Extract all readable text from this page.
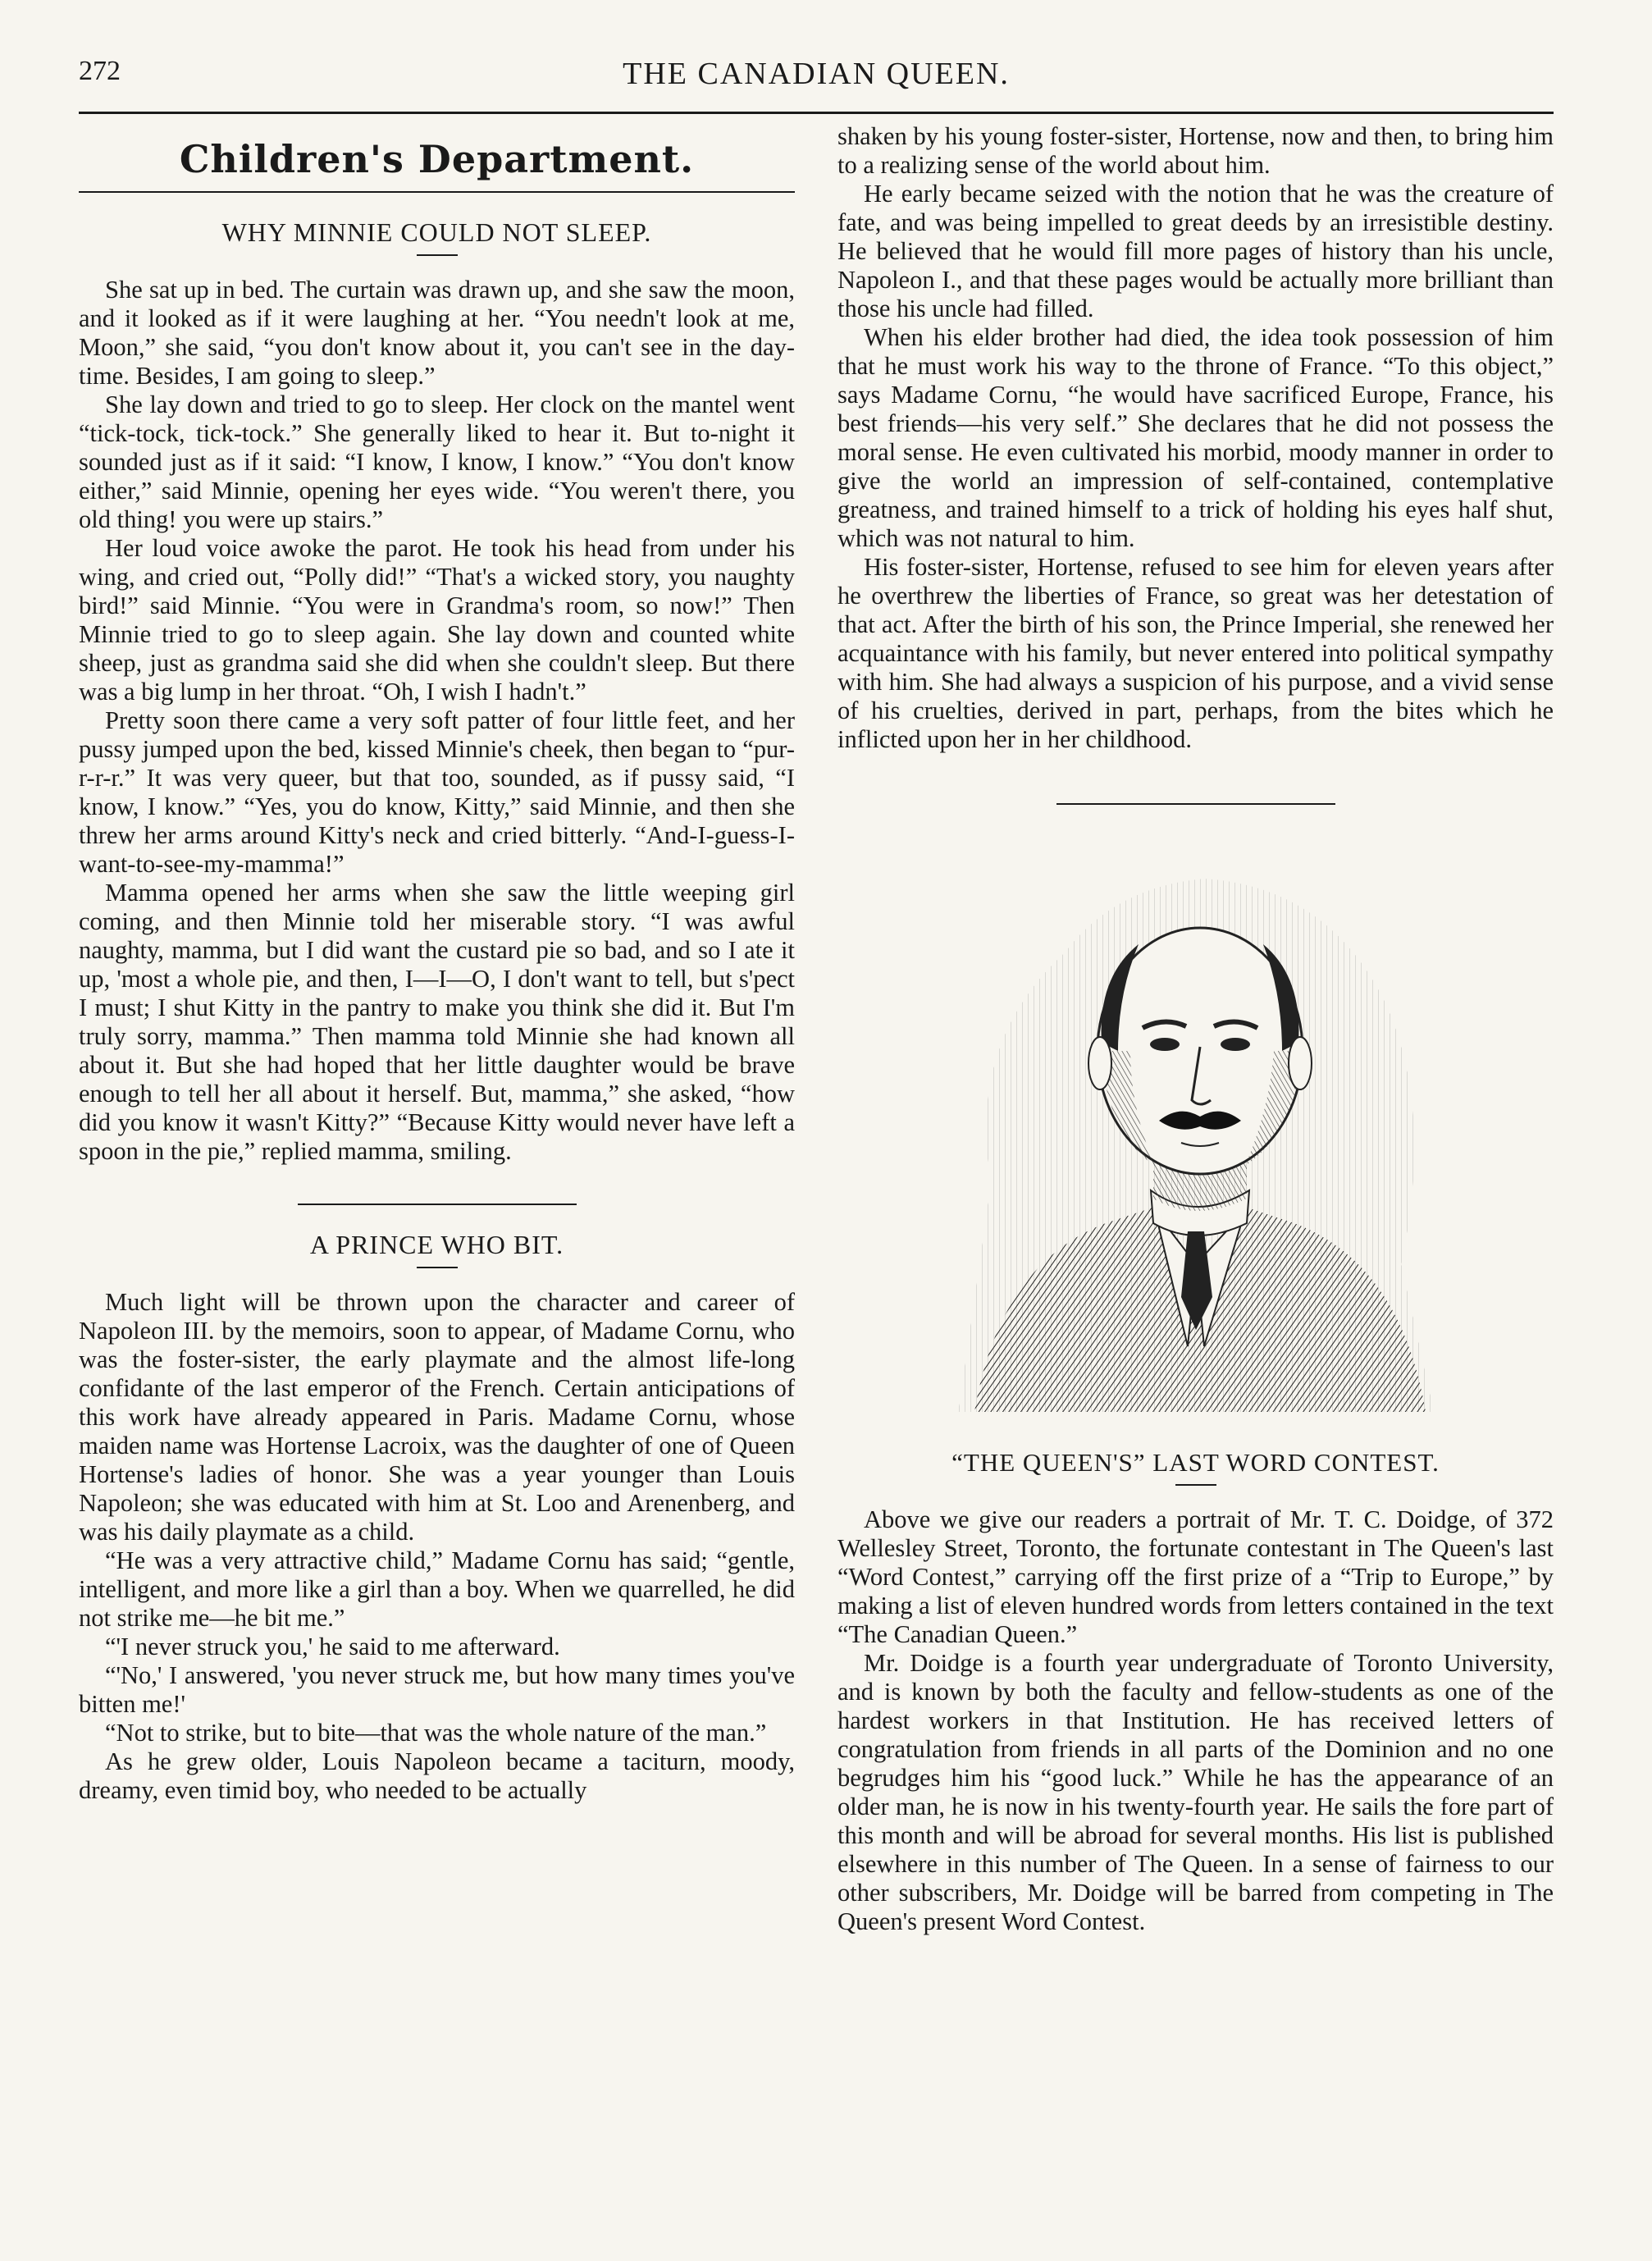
272	THE CANADIAN QUEEN.
Children's Department.
WHY MINNIE COULD NOT SLEEP.

She sat up in bed. The curtain was drawn up, and she saw the moon, and it looked as if it were laughing at her. “You needn't look at me, Moon,” she said, “you don't know about it, you can't see in the day-time. Besides, I am going to sleep.”

She lay down and tried to go to sleep. Her clock on the mantel went “tick-tock, tick-tock.” She generally liked to hear it. But to-night it sounded just as if it said: “I know, I know, I know.” “You don't know either,” said Minnie, opening her eyes wide. “You weren't there, you old thing! you were up stairs.”

Her loud voice awoke the parot. He took his head from under his wing, and cried out, “Polly did!” “That's a wicked story, you naughty bird!” said Minnie. “You were in Grandma's room, so now!” Then Minnie tried to go to sleep again. She lay down and counted white sheep, just as grandma said she did when she couldn't sleep. But there was a big lump in her throat. “Oh, I wish I hadn't.”

Pretty soon there came a very soft patter of four little feet, and her pussy jumped upon the bed, kissed Minnie's cheek, then began to “pur-r-r-r.” It was very queer, but that too, sounded, as if pussy said, “I know, I know.” “Yes, you do know, Kitty,” said Minnie, and then she threw her arms around Kitty's neck and cried bitterly. “And-I-guess-I-want-to-see-my-mamma!”

Mamma opened her arms when she saw the little weeping girl coming, and then Minnie told her miserable story. “I was awful naughty, mamma, but I did want the custard pie so bad, and so I ate it up, 'most a whole pie, and then, I—I—O, I don't want to tell, but s'pect I must; I shut Kitty in the pantry to make you think she did it. But I'm truly sorry, mamma.” Then mamma told Minnie she had known all about it. But she had hoped that her little daughter would be brave enough to tell her all about it herself. But, mamma,” she asked, “how did you know it wasn't Kitty?” “Because Kitty would never have left a spoon in the pie,” replied mamma, smiling.

A PRINCE WHO BIT.

Much light will be thrown upon the character and career of Napoleon III. by the memoirs, soon to appear, of Madame Cornu, who was the foster-sister, the early playmate and the almost life-long confidante of the last emperor of the French. Certain anticipations of this work have already appeared in Paris. Madame Cornu, whose maiden name was Hortense Lacroix, was the daughter of one of Queen Hortense's ladies of honor. She was a year younger than Louis Napoleon; she was educated with him at St. Loo and Arenenberg, and was his daily playmate as a child.

“He was a very attractive child,” Madame Cornu has said; “gentle, intelligent, and more like a girl than a boy. When we quarrelled, he did not strike me—he bit me.”

“'I never struck you,' he said to me afterward.

“'No,' I answered, 'you never struck me, but how many times you've bitten me!'

“Not to strike, but to bite—that was the whole nature of the man.”

As he grew older, Louis Napoleon became a taciturn, moody, dreamy, even timid boy, who needed to be actually

shaken by his young foster-sister, Hortense, now and then, to bring him to a realizing sense of the world about him.

He early became seized with the notion that he was the creature of fate, and was being impelled to great deeds by an irresistible destiny. He believed that he would fill more pages of history than his uncle, Napoleon I., and that these pages would be actually more brilliant than those his uncle had filled.

When his elder brother had died, the idea took possession of him that he must work his way to the throne of France. “To this object,” says Madame Cornu, “he would have sacrificed Europe, France, his best friends—his very self.” She declares that he did not possess the moral sense. He even cultivated his morbid, moody manner in order to give the world an impression of self-contained, contemplative greatness, and trained himself to a trick of holding his eyes half shut, which was not natural to him.

His foster-sister, Hortense, refused to see him for eleven years after he overthrew the liberties of France, so great was her detestation of that act. After the birth of his son, the Prince Imperial, she renewed her acquaintance with his family, but never entered into political sympathy with him. She had always a suspicion of his purpose, and a vivid sense of his cruelties, derived in part, perhaps, from the bites which he inflicted upon her in her childhood.

“THE QUEEN'S” LAST WORD CONTEST.

Above we give our readers a portrait of Mr. T. C. Doidge, of 372 Wellesley Street, Toronto, the fortunate contestant in The Queen's last “Word Contest,” carrying off the first prize of a “Trip to Europe,” by making a list of eleven hundred words from letters contained in the text “The Canadian Queen.”

Mr. Doidge is a fourth year undergraduate of Toronto University, and is known by both the faculty and fellow-students as one of the hardest workers in that Institution. He has received letters of congratulation from friends in all parts of the Dominion and no one begrudges him his “good luck.” While he has the appearance of an older man, he is now in his twenty-fourth year. He sails the fore part of this month and will be abroad for several months. His list is published elsewhere in this number of The Queen. In a sense of fairness to our other subscribers, Mr. Doidge will be barred from competing in The Queen's present Word Contest.
